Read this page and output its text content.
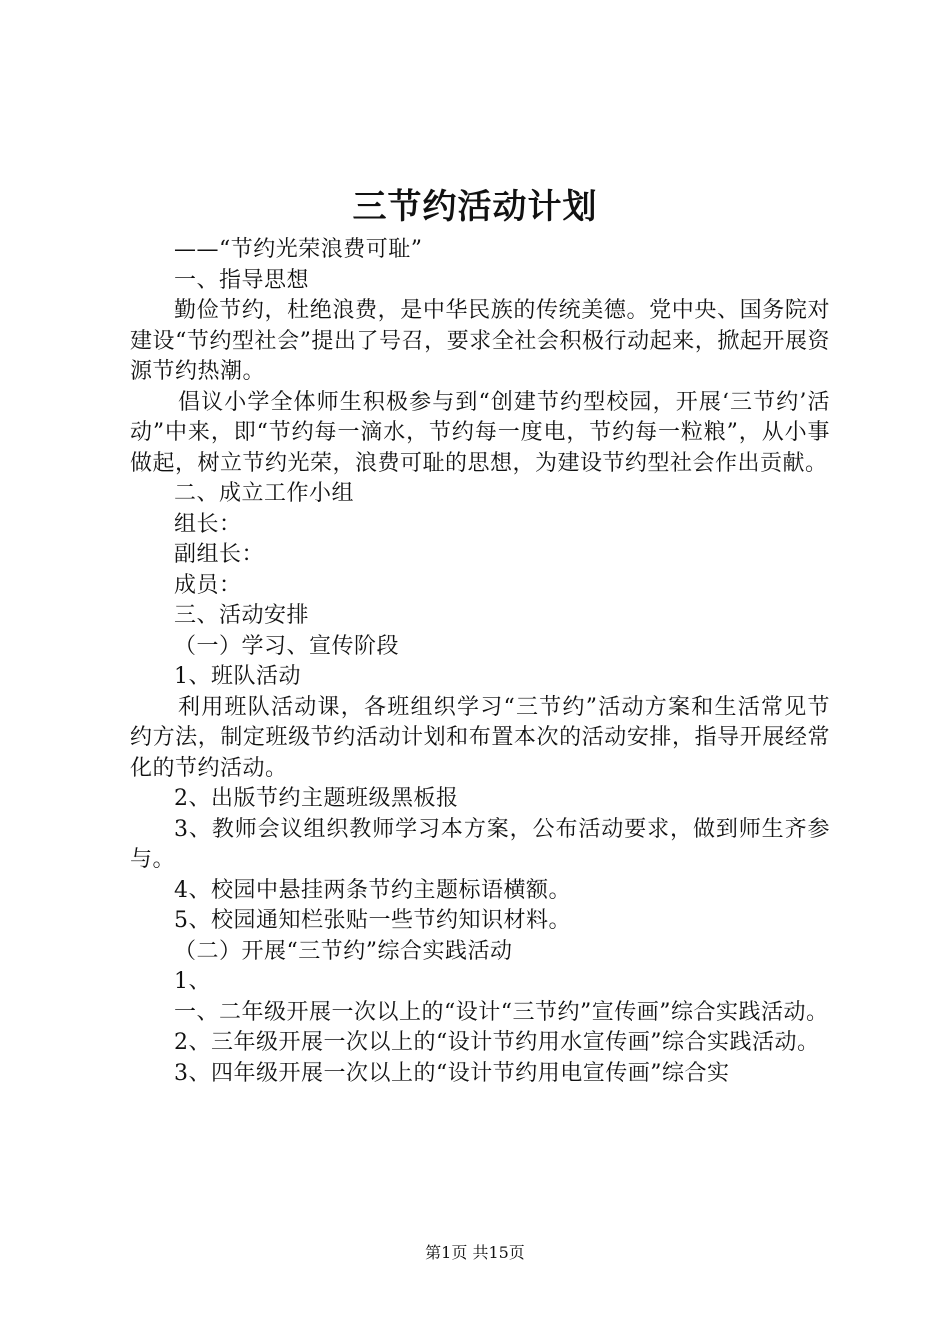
三节约活动计划

——“节约光荣浪费可耻”

一、指导思想

勤俭节约，杜绝浪费，是中华民族的传统美德。党中央、国务院对建设“节约型社会”提出了号召，要求全社会积极行动起来，掀起开展资源节约热潮。

倡议小学全体师生积极参与到“创建节约型校园，开展‘三节约’活动”中来，即“节约每一滴水，节约每一度电，节约每一粒粮”，从小事做起，树立节约光荣，浪费可耻的思想，为建设节约型社会作出贡献。

二、成立工作小组

组长：

副组长：

成员：

三、活动安排

（一）学习、宣传阶段

1、班队活动

利用班队活动课，各班组织学习“三节约”活动方案和生活常见节约方法，制定班级节约活动计划和布置本次的活动安排，指导开展经常化的节约活动。

2、出版节约主题班级黑板报

3、教师会议组织教师学习本方案，公布活动要求，做到师生齐参与。

4、校园中悬挂两条节约主题标语横额。

5、校园通知栏张贴一些节约知识材料。

（二）开展“三节约”综合实践活动

1、

一、二年级开展一次以上的“设计“三节约”宣传画”综合实践活动。

2、三年级开展一次以上的“设计节约用水宣传画”综合实践活动。

3、四年级开展一次以上的“设计节约用电宣传画”综合实

第1页 共15页
